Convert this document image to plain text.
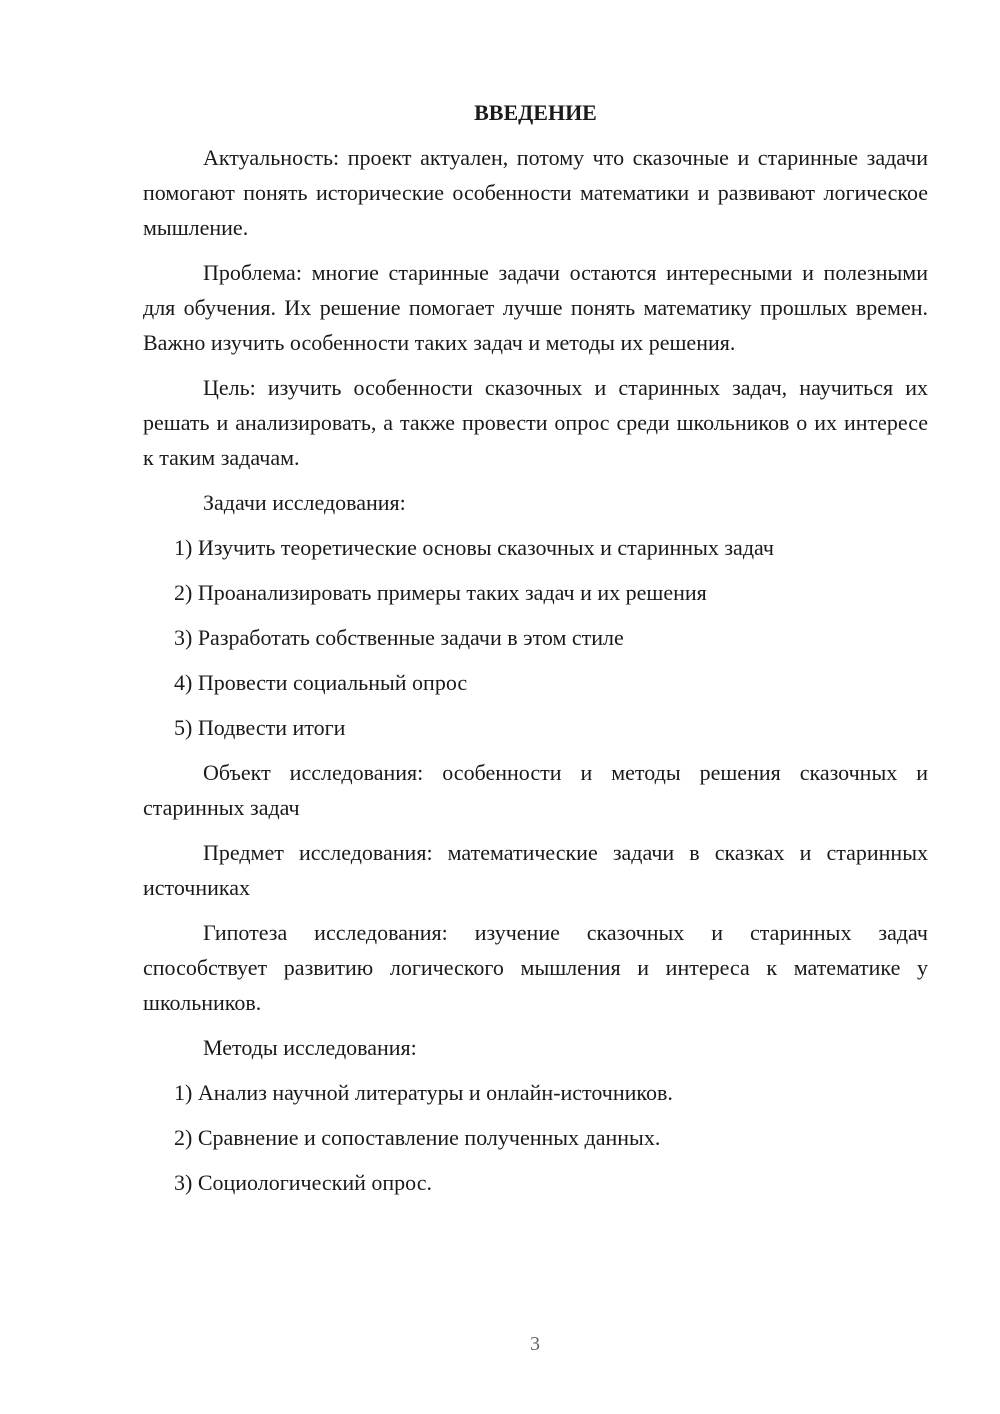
ВВЕДЕНИЕ
Актуальность: проект актуален, потому что сказочные и старинные задачи помогают понять исторические особенности математики и развивают логическое мышление.
Проблема: многие старинные задачи остаются интересными и полезными для обучения. Их решение помогает лучше понять математику прошлых времен. Важно изучить особенности таких задач и методы их решения.
Цель: изучить особенности сказочных и старинных задач, научиться их решать и анализировать, а также провести опрос среди школьников о их интересе к таким задачам.
Задачи исследования:
1) Изучить теоретические основы сказочных и старинных задач
2) Проанализировать примеры таких задач и их решения
3) Разработать собственные задачи в этом стиле
4) Провести социальный опрос
5) Подвести итоги
Объект исследования: особенности и методы решения сказочных и старинных задач
Предмет исследования: математические задачи в сказках и старинных источниках
Гипотеза исследования: изучение сказочных и старинных задач способствует развитию логического мышления и интереса к математике у школьников.
Методы исследования:
1) Анализ научной литературы и онлайн-источников.
2) Сравнение и сопоставление полученных данных.
3) Социологический опрос.
3
